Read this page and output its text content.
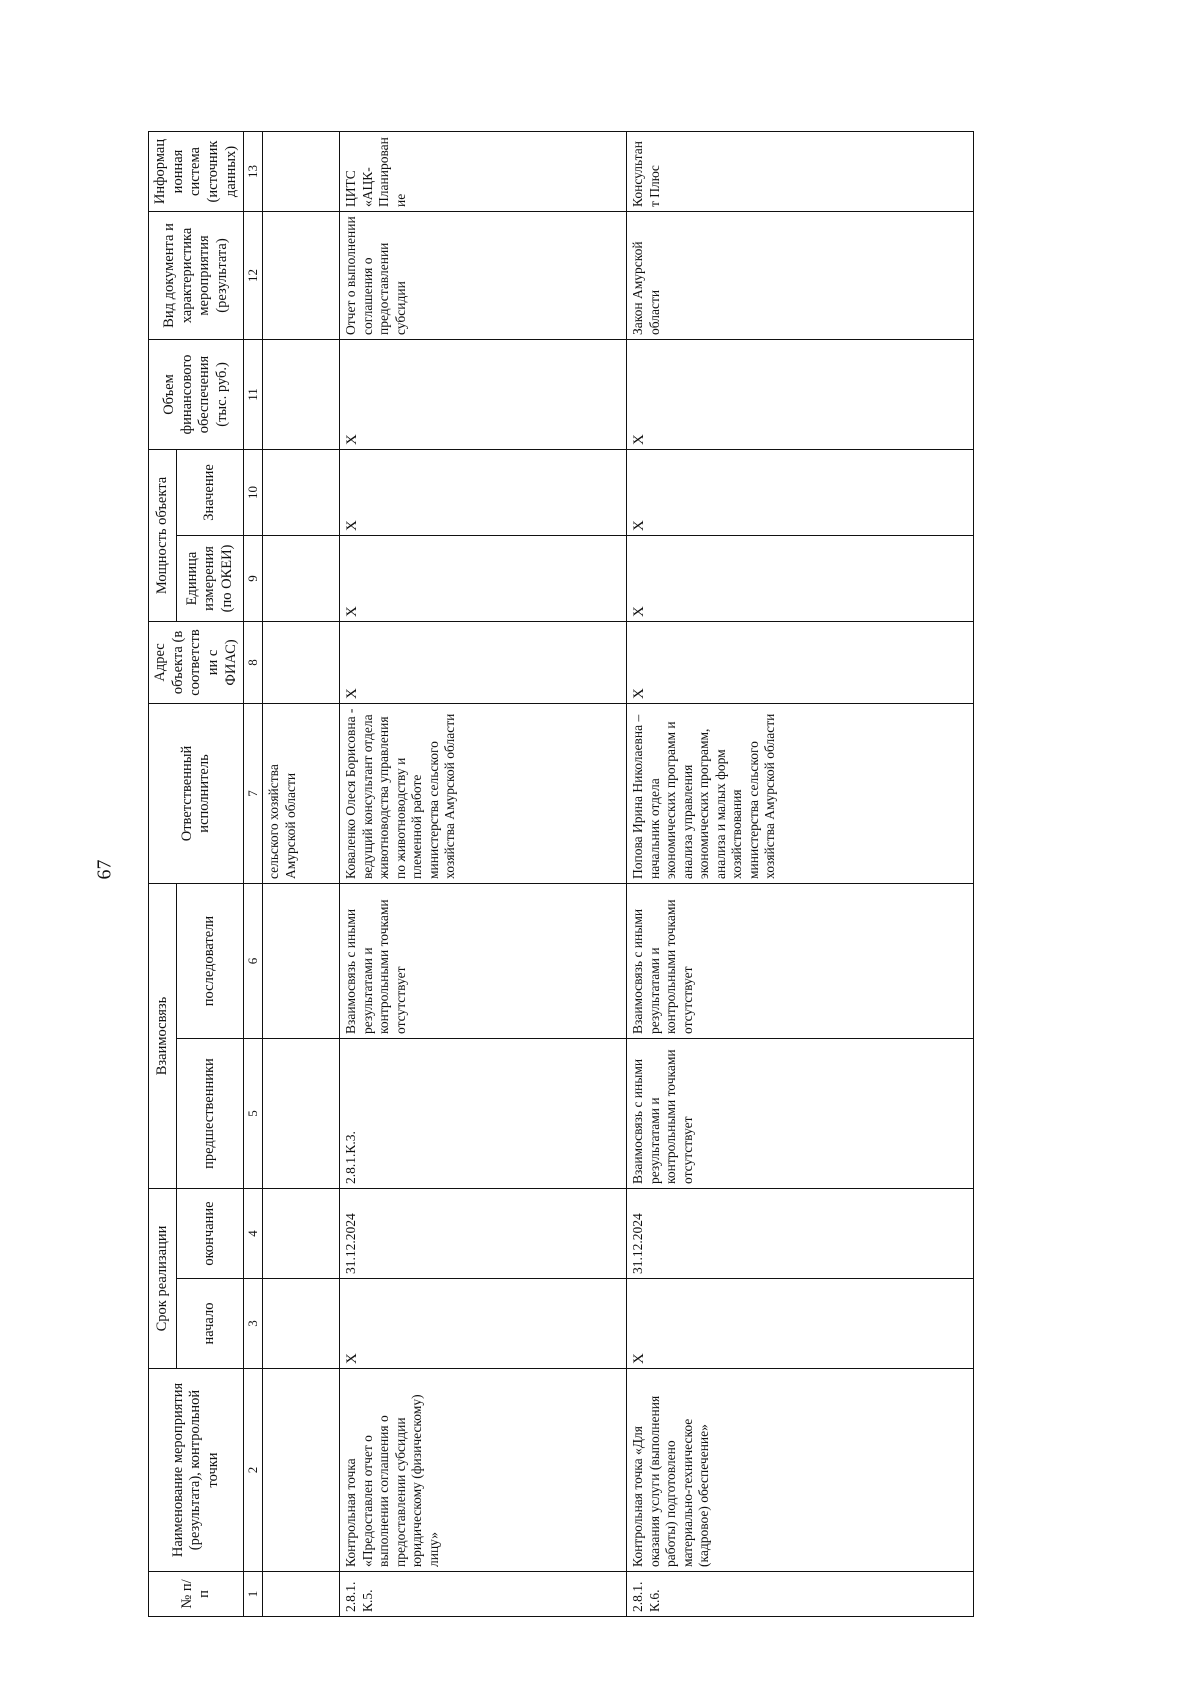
67
№ п/п	Наименование мероприятия (результата), контрольной точки	Срок реализации		Взаимосвязь		Ответственный исполнитель	Адрес объекта (в соответствии с ФИАС)	Мощность объекта		Объем финансового обеспечения (тыс. руб.)	Вид документа и характеристика мероприятия (результата)	Информационная система (источник данных)
		начало	окончание	предшественники	последователи			Единица измерения (по ОКЕИ)	Значение			
1	2	3	4	5	6	7	8	9	10	11	12	13
						сельского хозяйства Амурской области						
2.8.1.К.5.	Контрольная точка «Предоставлен отчет о выполнении соглашения о предоставлении субсидии юридическому (физическому) лицу»	X	31.12.2024	2.8.1.К.3.	Взаимосвязь с иными результатами и контрольными точками отсутствует	Коваленко Олеся Борисовна - ведущий консультант отдела животноводства управления по животноводству и племенной работе министерства сельского хозяйства Амурской области	X	X	X	X	Отчет о выполнении соглашения о предоставлении субсидии	ЦИТС «АЦК-Планирование
2.8.1.К.6.	Контрольная точка «Для оказания услуги (выполнения работы) подготовлено материально-техническое (кадровое) обеспечение»	X	31.12.2024	Взаимосвязь с иными результатами и контрольными точками отсутствует	Взаимосвязь с иными результатами и контрольными точками отсутствует	Попова Ирина Николаевна – начальник отдела экономических программ и анализа управления экономических программ, анализа и малых форм хозяйствования министерства сельского хозяйства Амурской области	X	X	X	X	Закон Амурской области	Консультант Плюс
